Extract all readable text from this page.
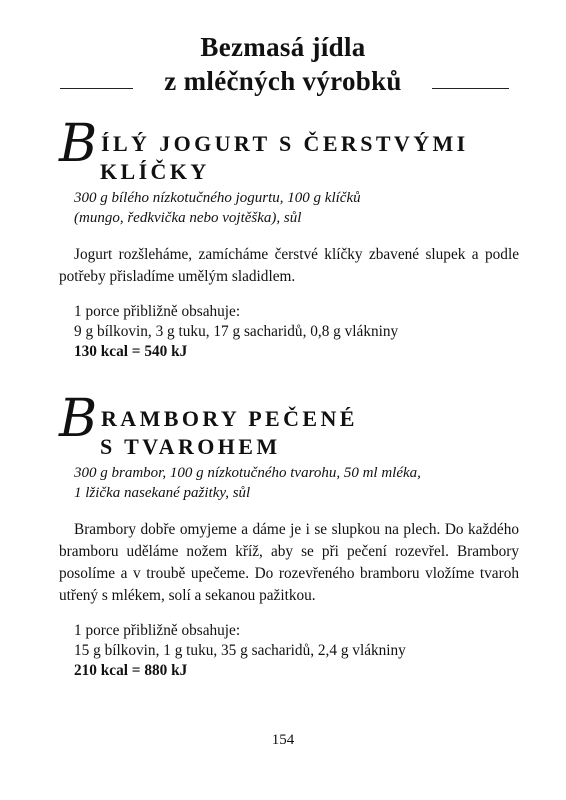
Bezmasá jídla
z mléčných výrobků
B ÍLÝ JOGURT S ČERSTVÝMI
KLÍČKY
300 g bílého nízkotučného jogurtu, 100 g klíčků
(mungo, ředkvička nebo vojtěška), sůl
Jogurt rozšleháme, zamícháme čerstvé klíčky zbavené slupek a podle potřeby přisladíme umělým sladidlem.
1 porce přibližně obsahuje:
9 g bílkovin, 3 g tuku, 17 g sacharidů, 0,8 g vlákniny
130 kcal = 540 kJ
B RAMBORY PEČENÉ
S TVAROHEM
300 g brambor, 100 g nízkotučného tvarohu, 50 ml mléka,
1 lžička nasekané pažitky, sůl
Brambory dobře omyjeme a dáme je i se slupkou na plech. Do každého bramboru uděláme nožem kříž, aby se při pečení rozevřel. Brambory posolíme a v troubě upečeme. Do rozevřeného bramboru vložíme tvaroh utřený s mlékem, solí a sekanou pažitkou.
1 porce přibližně obsahuje:
15 g bílkovin, 1 g tuku, 35 g sacharidů, 2,4 g vlákniny
210 kcal = 880 kJ
154
